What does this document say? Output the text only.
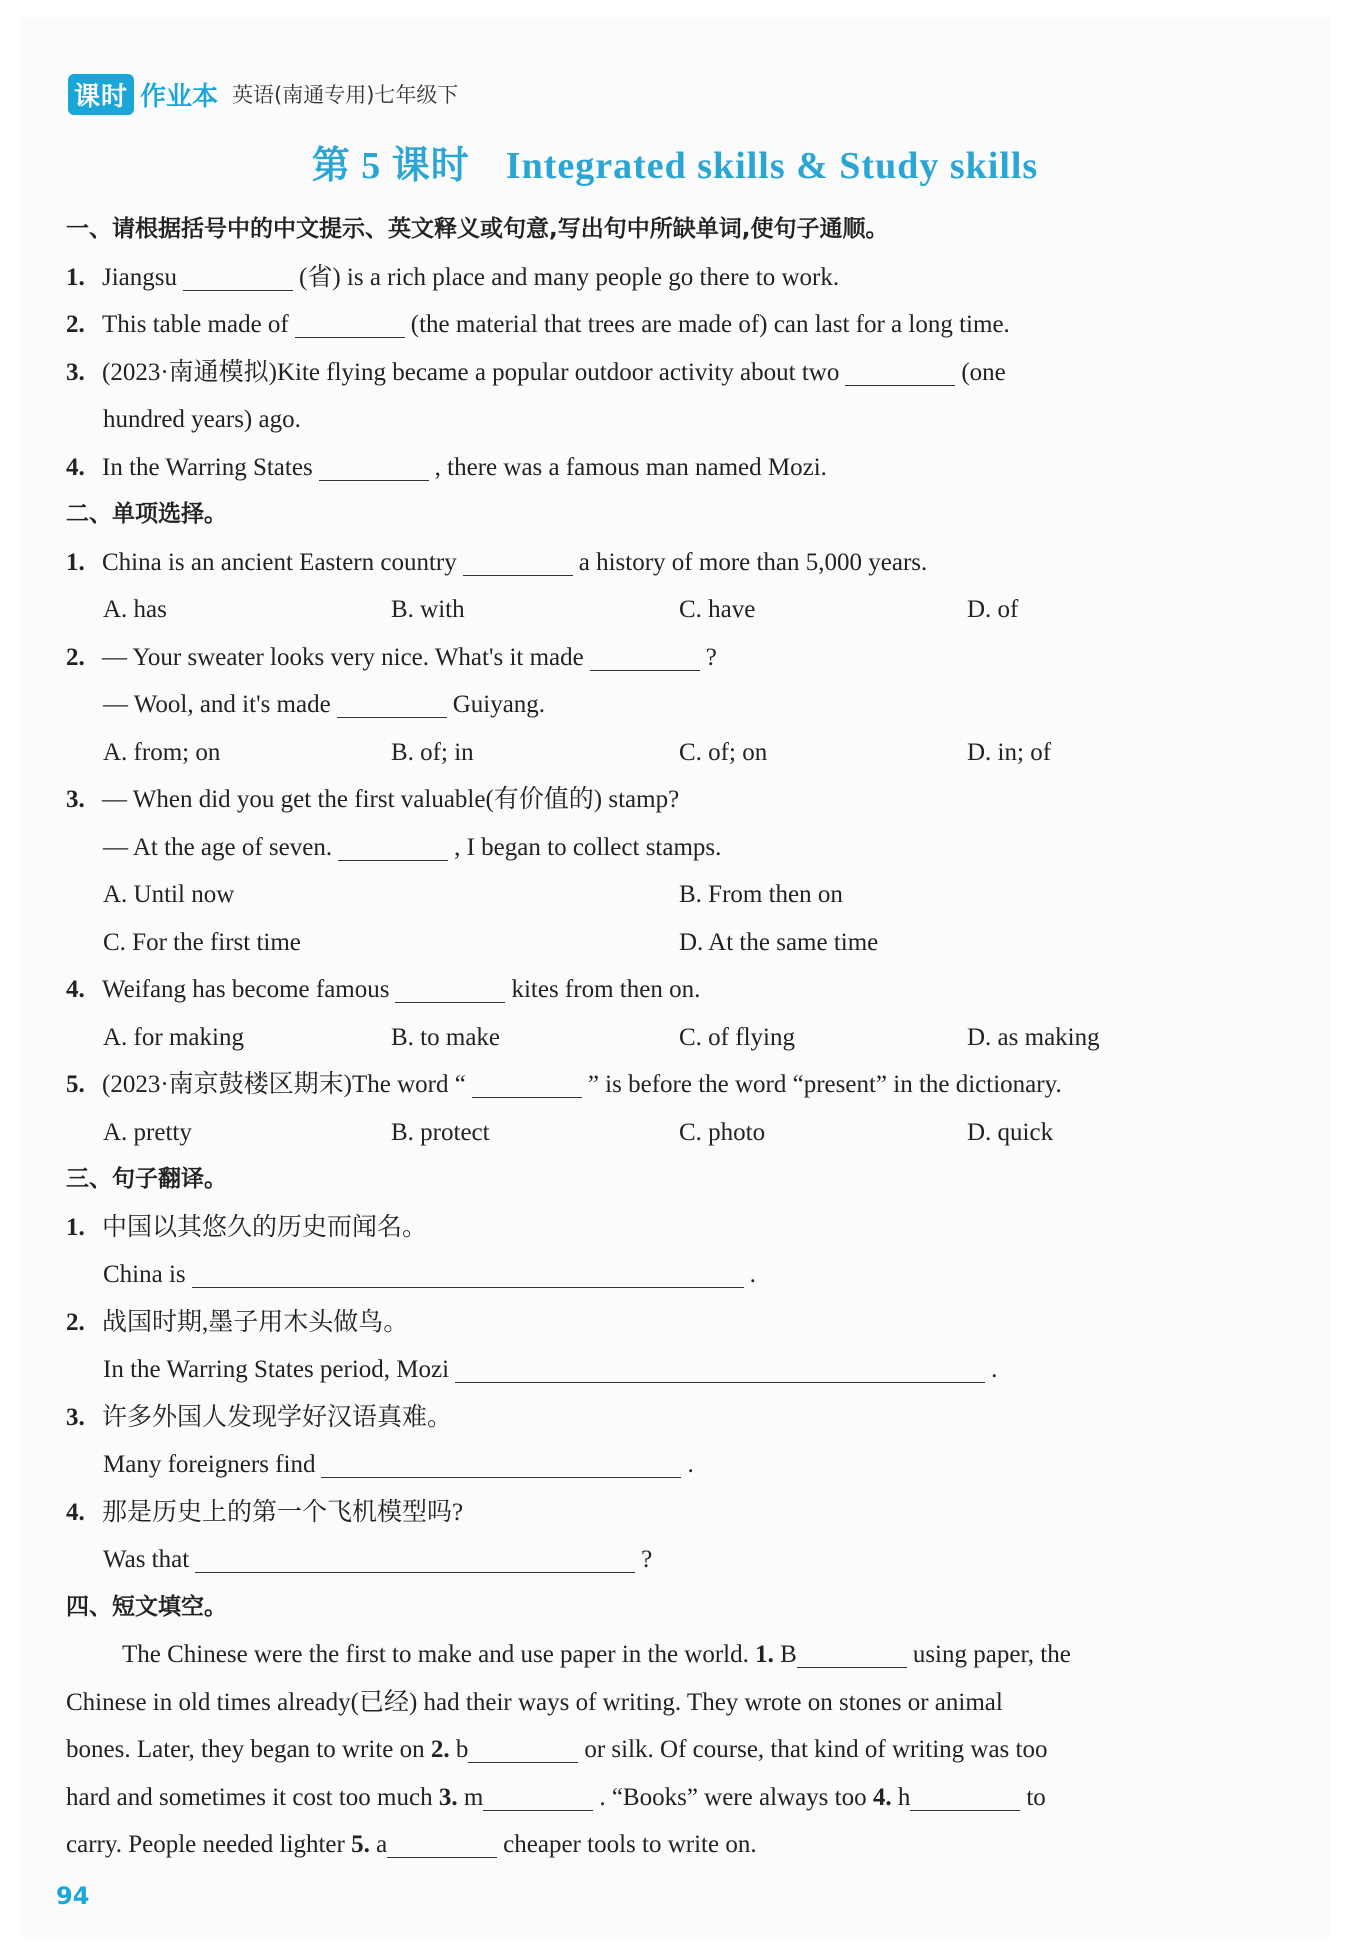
课时 作业本 英语(南通专用)七年级下
第 5 课时 Integrated skills & Study skills
一、请根据括号中的中文提示、英文释义或句意,写出句中所缺单词,使句子通顺。
1. Jiangsu	(省) is a rich place and many people go there to work.
2. This table made of	(the material that trees are made of) can last for a long time.
3. (2023·南通模拟)Kite flying became a popular outdoor activity about two	(one
hundred years) ago.
4. In the Warring States	, there was a famous man named Mozi.
二、单项选择。
1. China is an ancient Eastern country	a history of more than 5,000 years.
A. has	B. with	C. have	D. of
2. — Your sweater looks very nice. What's it made	?
— Wool, and it's made	Guiyang.
A. from; on	B. of; in	C. of; on	D. in; of
3. — When did you get the first valuable(有价值的) stamp?
— At the age of seven.	, I began to collect stamps.
A. Until now	B. From then on
C. For the first time	D. At the same time
4. Weifang has become famous	kites from then on.
A. for making	B. to make	C. of flying	D. as making
5. (2023·南京鼓楼区期末)The word “	” is before the word “present” in the dictionary.
A. pretty	B. protect	C. photo	D. quick
三、句子翻译。
1. 中国以其悠久的历史而闻名。
China is	.
2. 战国时期,墨子用木头做鸟。
In the Warring States period, Mozi	.
3. 许多外国人发现学好汉语真难。
Many foreigners find	.
4. 那是历史上的第一个飞机模型吗?
Was that	?
四、短文填空。
The Chinese were the first to make and use paper in the world. 1. B	using paper, the
Chinese in old times already(已经) had their ways of writing. They wrote on stones or animal
bones. Later, they began to write on 2. b	or silk. Of course, that kind of writing was too
hard and sometimes it cost too much 3. m	. “Books” were always too 4. h	to
carry. People needed lighter 5. a	cheaper tools to write on.
94
